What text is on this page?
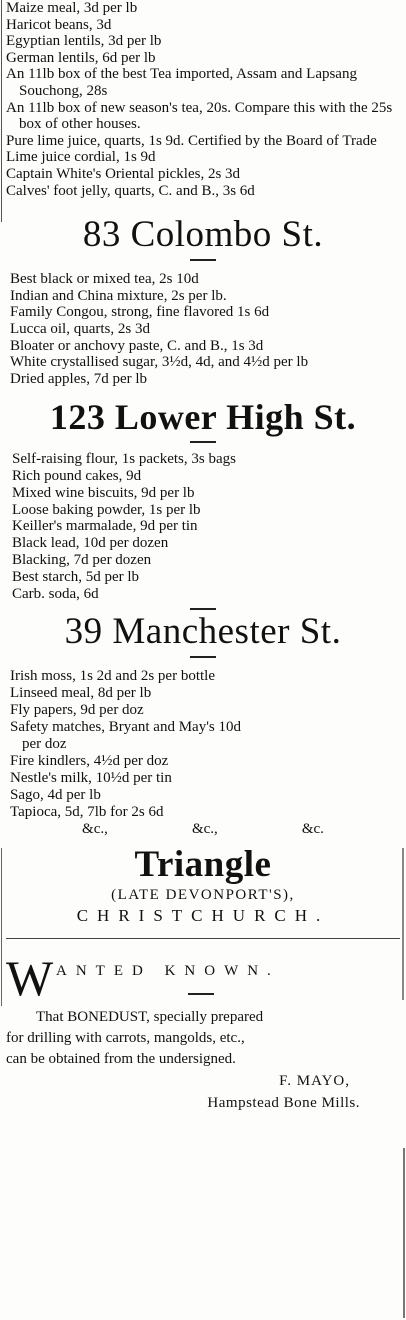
Maize meal, 3d per lb
Haricot beans, 3d
Egyptian lentils, 3d per lb
German lentils, 6d per lb
An 11lb box of the best Tea imported, Assam and Lapsang Souchong, 28s
An 11lb box of new season's tea, 20s. Compare this with the 25s box of other houses.
Pure lime juice, quarts, 1s 9d. Certified by the Board of Trade
Lime juice cordial, 1s 9d
Captain White's Oriental pickles, 2s 3d
Calves' foot jelly, quarts, C. and B., 3s 6d
83 Colombo St.
Best black or mixed tea, 2s 10d
Indian and China mixture, 2s per lb.
Family Congou, strong, fine flavored 1s 6d
Lucca oil, quarts, 2s 3d
Bloater or anchovy paste, C. and B., 1s 3d
White crystallised sugar, 3½d, 4d, and 4½d per lb
Dried apples, 7d per lb
123 Lower High St.
Self-raising flour, 1s packets, 3s bags
Rich pound cakes, 9d
Mixed wine biscuits, 9d per lb
Loose baking powder, 1s per lb
Keiller's marmalade, 9d per tin
Black lead, 10d per dozen
Blacking, 7d per dozen
Best starch, 5d per lb
Carb. soda, 6d
39 Manchester St.
Irish moss, 1s 2d and 2s per bottle
Linseed meal, 8d per lb
Fly papers, 9d per doz
Safety matches, Bryant and May's 10d
per doz
Fire kindlers, 4½d per doz
Nestle's milk, 10½d per tin
Sago, 4d per lb
Tapioca, 5d, 7lb for 2s 6d
&c.,	&c.,	&c.
Triangle
(LATE DEVONPORT'S),
CHRISTCHURCH.
W ANTED KNOWN.
That BONEDUST, specially prepared
for drilling with carrots, mangolds, etc.,
can be obtained from the undersigned.
F. MAYO,
Hampstead Bone Mills.
